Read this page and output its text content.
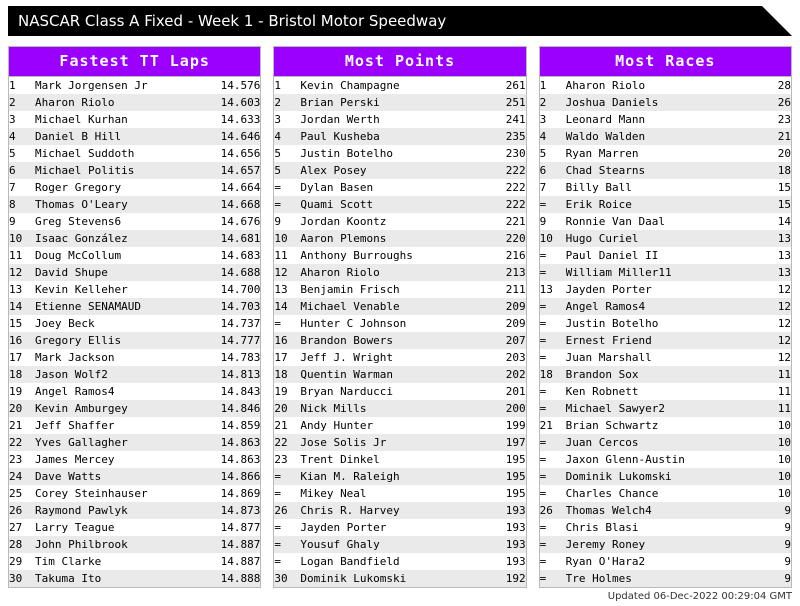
NASCAR Class A Fixed - Week 1 - Bristol Motor Speedway
Fastest TT Laps
1	Mark Jorgensen Jr	14.576
2	Aharon Riolo	14.603
3	Michael Kurhan	14.633
4	Daniel B Hill	14.646
5	Michael Suddoth	14.656
6	Michael Politis	14.657
7	Roger Gregory	14.664
8	Thomas O'Leary	14.668
9	Greg Stevens6	14.676
10	Isaac González	14.681
11	Doug McCollum	14.683
12	David Shupe	14.688
13	Kevin Kelleher	14.700
14	Etienne SENAMAUD	14.703
15	Joey Beck	14.737
16	Gregory Ellis	14.777
17	Mark Jackson	14.783
18	Jason Wolf2	14.813
19	Angel Ramos4	14.843
20	Kevin Amburgey	14.846
21	Jeff Shaffer	14.859
22	Yves Gallagher	14.863
23	James Mercey	14.863
24	Dave Watts	14.866
25	Corey Steinhauser	14.869
26	Raymond Pawlyk	14.873
27	Larry Teague	14.877
28	John Philbrook	14.887
29	Tim Clarke	14.887
30	Takuma Ito	14.888
Most Points
1	Kevin Champagne	261
2	Brian Perski	251
3	Jordan Werth	241
4	Paul Kusheba	235
5	Justin Botelho	230
5	Alex Posey	222
=	Dylan Basen	222
=	Quami Scott	222
9	Jordan Koontz	221
10	Aaron Plemons	220
11	Anthony Burroughs	216
12	Aharon Riolo	213
13	Benjamin Frisch	211
14	Michael Venable	209
=	Hunter C Johnson	209
16	Brandon Bowers	207
17	Jeff J. Wright	203
18	Quentin Warman	202
19	Bryan Narducci	201
20	Nick Mills	200
21	Andy Hunter	199
22	Jose Solis Jr	197
23	Trent Dinkel	195
=	Kian M. Raleigh	195
=	Mikey Neal	195
26	Chris R. Harvey	193
=	Jayden Porter	193
=	Yousuf Ghaly	193
=	Logan Bandfield	193
30	Dominik Lukomski	192
Most Races
1	Aharon Riolo	28
2	Joshua Daniels	26
3	Leonard Mann	23
4	Waldo Walden	21
5	Ryan Marren	20
6	Chad Stearns	18
7	Billy Ball	15
=	Erik Roice	15
9	Ronnie Van Daal	14
10	Hugo Curiel	13
=	Paul Daniel II	13
=	William Miller11	13
13	Jayden Porter	12
=	Angel Ramos4	12
=	Justin Botelho	12
=	Ernest Friend	12
=	Juan Marshall	12
18	Brandon Sox	11
=	Ken Robnett	11
=	Michael Sawyer2	11
21	Brian Schwartz	10
=	Juan Cercos	10
=	Jaxon Glenn-Austin	10
=	Dominik Lukomski	10
=	Charles Chance	10
26	Thomas Welch4	9
=	Chris Blasi	9
=	Jeremy Roney	9
=	Ryan O'Hara2	9
=	Tre Holmes	9
Updated 06-Dec-2022 00:29:04 GMT
